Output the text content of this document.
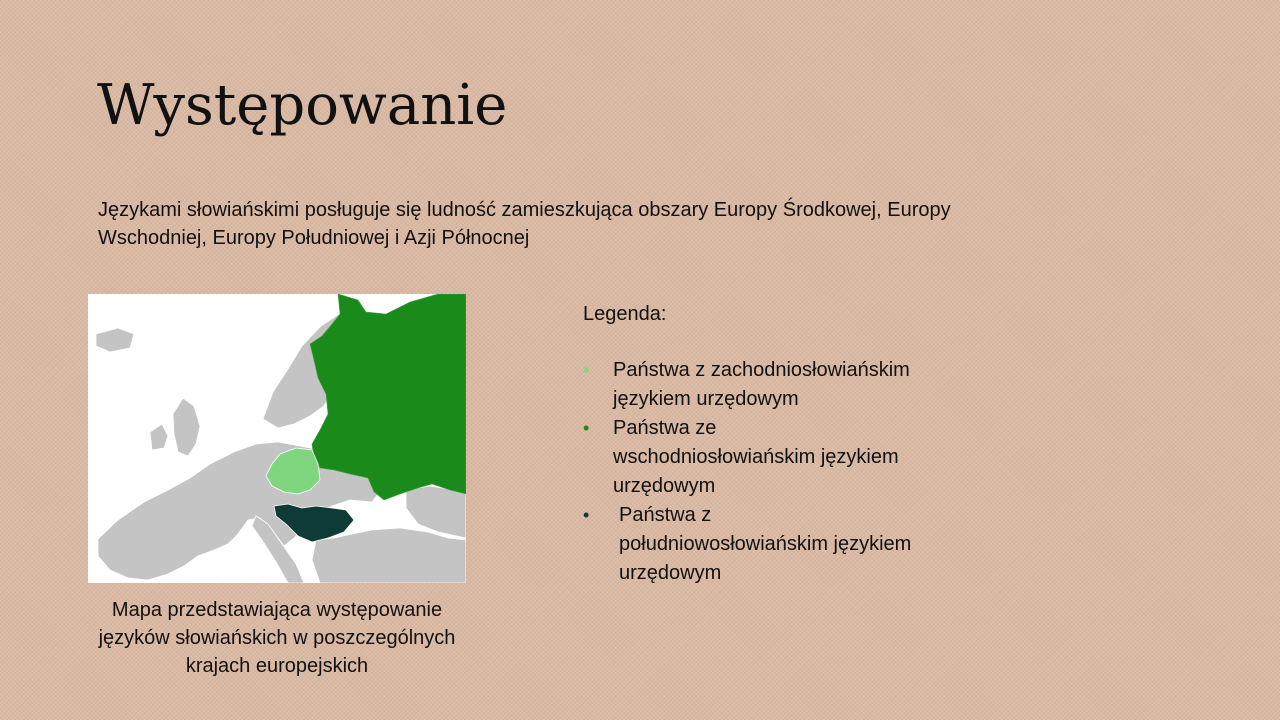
Występowanie
Językami słowiańskimi posługuje się ludność zamieszkująca obszary Europy Środkowej, Europy Wschodniej, Europy Południowej i Azji Północnej
Mapa przedstawiająca występowanie języków słowiańskich w poszczególnych krajach europejskich
Legenda:
• Państwa z zachodniosłowiańskim językiem urzędowym
• Państwa ze wschodniosłowiańskim językiem urzędowym
• Państwa z południowosłowiańskim językiem urzędowym
